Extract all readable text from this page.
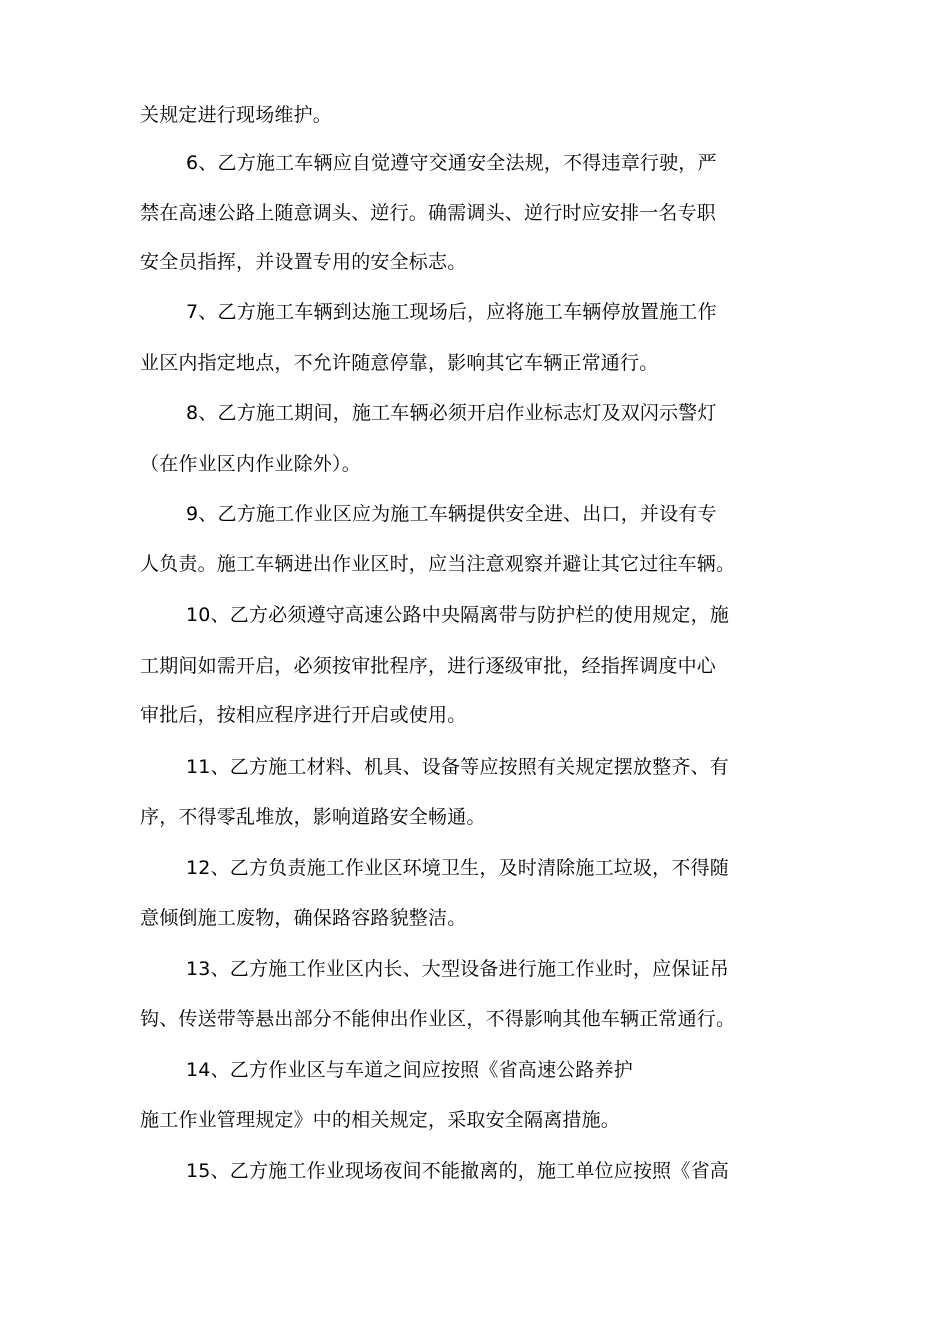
关规定进行现场维护。
6、乙方施工车辆应自觉遵守交通安全法规，不得违章行驶，严
禁在高速公路上随意调头、逆行。确需调头、逆行时应安排一名专职
安全员指挥，并设置专用的安全标志。
7、乙方施工车辆到达施工现场后，应将施工车辆停放置施工作
业区内指定地点，不允许随意停靠，影响其它车辆正常通行。
8、乙方施工期间，施工车辆必须开启作业标志灯及双闪示警灯
（在作业区内作业除外）。
9、乙方施工作业区应为施工车辆提供安全进、出口，并设有专
人负责。施工车辆进出作业区时，应当注意观察并避让其它过往车辆。
10、乙方必须遵守高速公路中央隔离带与防护栏的使用规定，施
工期间如需开启，必须按审批程序，进行逐级审批，经指挥调度中心
审批后，按相应程序进行开启或使用。
11、乙方施工材料、机具、设备等应按照有关规定摆放整齐、有
序，不得零乱堆放，影响道路安全畅通。
12、乙方负责施工作业区环境卫生，及时清除施工垃圾，不得随
意倾倒施工废物，确保路容路貌整洁。
13、乙方施工作业区内长、大型设备进行施工作业时，应保证吊
钩、传送带等悬出部分不能伸出作业区，不得影响其他车辆正常通行。
14、乙方作业区与车道之间应按照《省高速公路养护
施工作业管理规定》中的相关规定，采取安全隔离措施。
15、乙方施工作业现场夜间不能撤离的，施工单位应按照《省高
